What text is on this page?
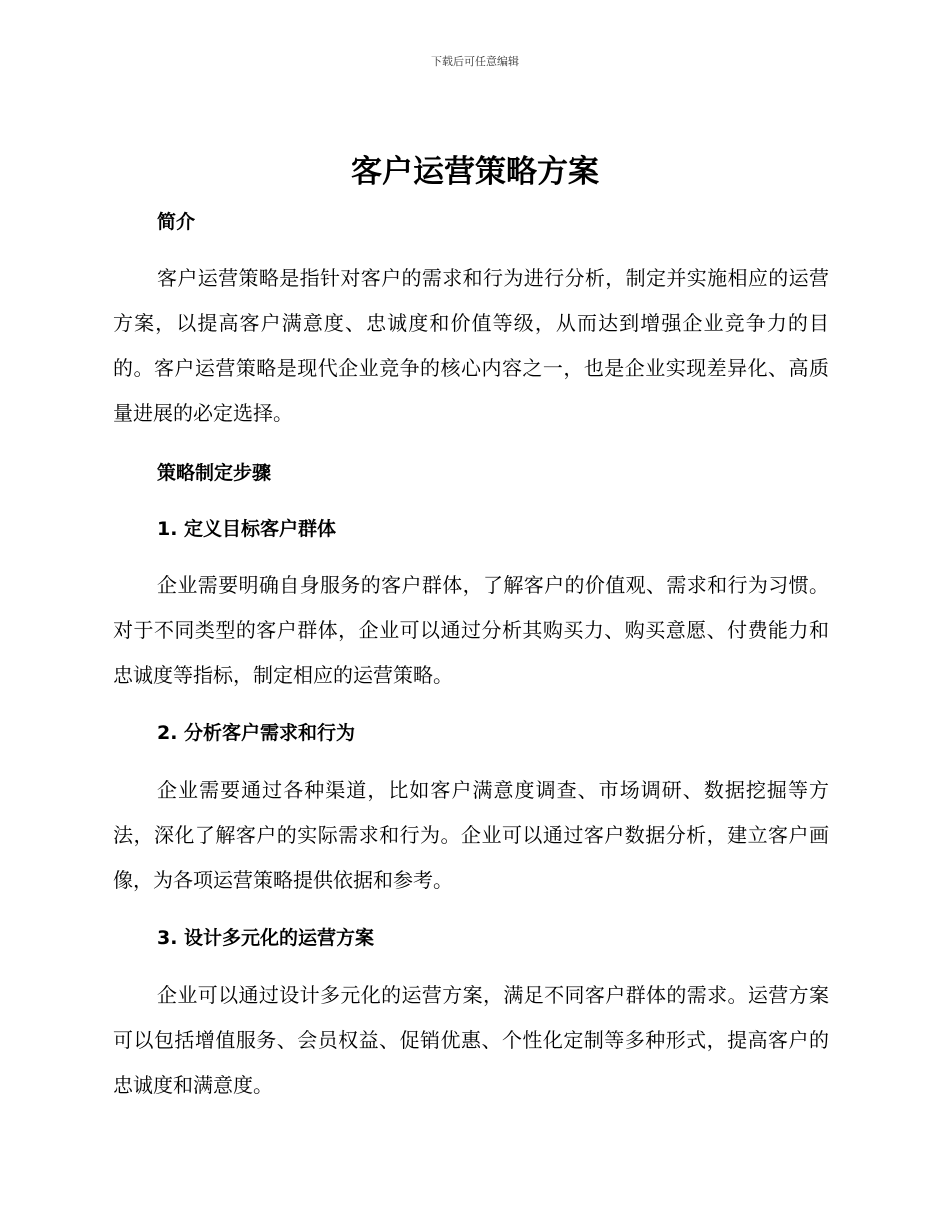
下载后可任意编辑
客户运营策略方案
简介

客户运营策略是指针对客户的需求和行为进行分析，制定并实施相应的运营方案，以提高客户满意度、忠诚度和价值等级，从而达到增强企业竞争力的目的。客户运营策略是现代企业竞争的核心内容之一，也是企业实现差异化、高质量进展的必定选择。

策略制定步骤
1. 定义目标客户群体

企业需要明确自身服务的客户群体，了解客户的价值观、需求和行为习惯。对于不同类型的客户群体，企业可以通过分析其购买力、购买意愿、付费能力和忠诚度等指标，制定相应的运营策略。

2. 分析客户需求和行为

企业需要通过各种渠道，比如客户满意度调查、市场调研、数据挖掘等方法，深化了解客户的实际需求和行为。企业可以通过客户数据分析，建立客户画像，为各项运营策略提供依据和参考。

3. 设计多元化的运营方案

企业可以通过设计多元化的运营方案，满足不同客户群体的需求。运营方案可以包括增值服务、会员权益、促销优惠、个性化定制等多种形式，提高客户的忠诚度和满意度。
